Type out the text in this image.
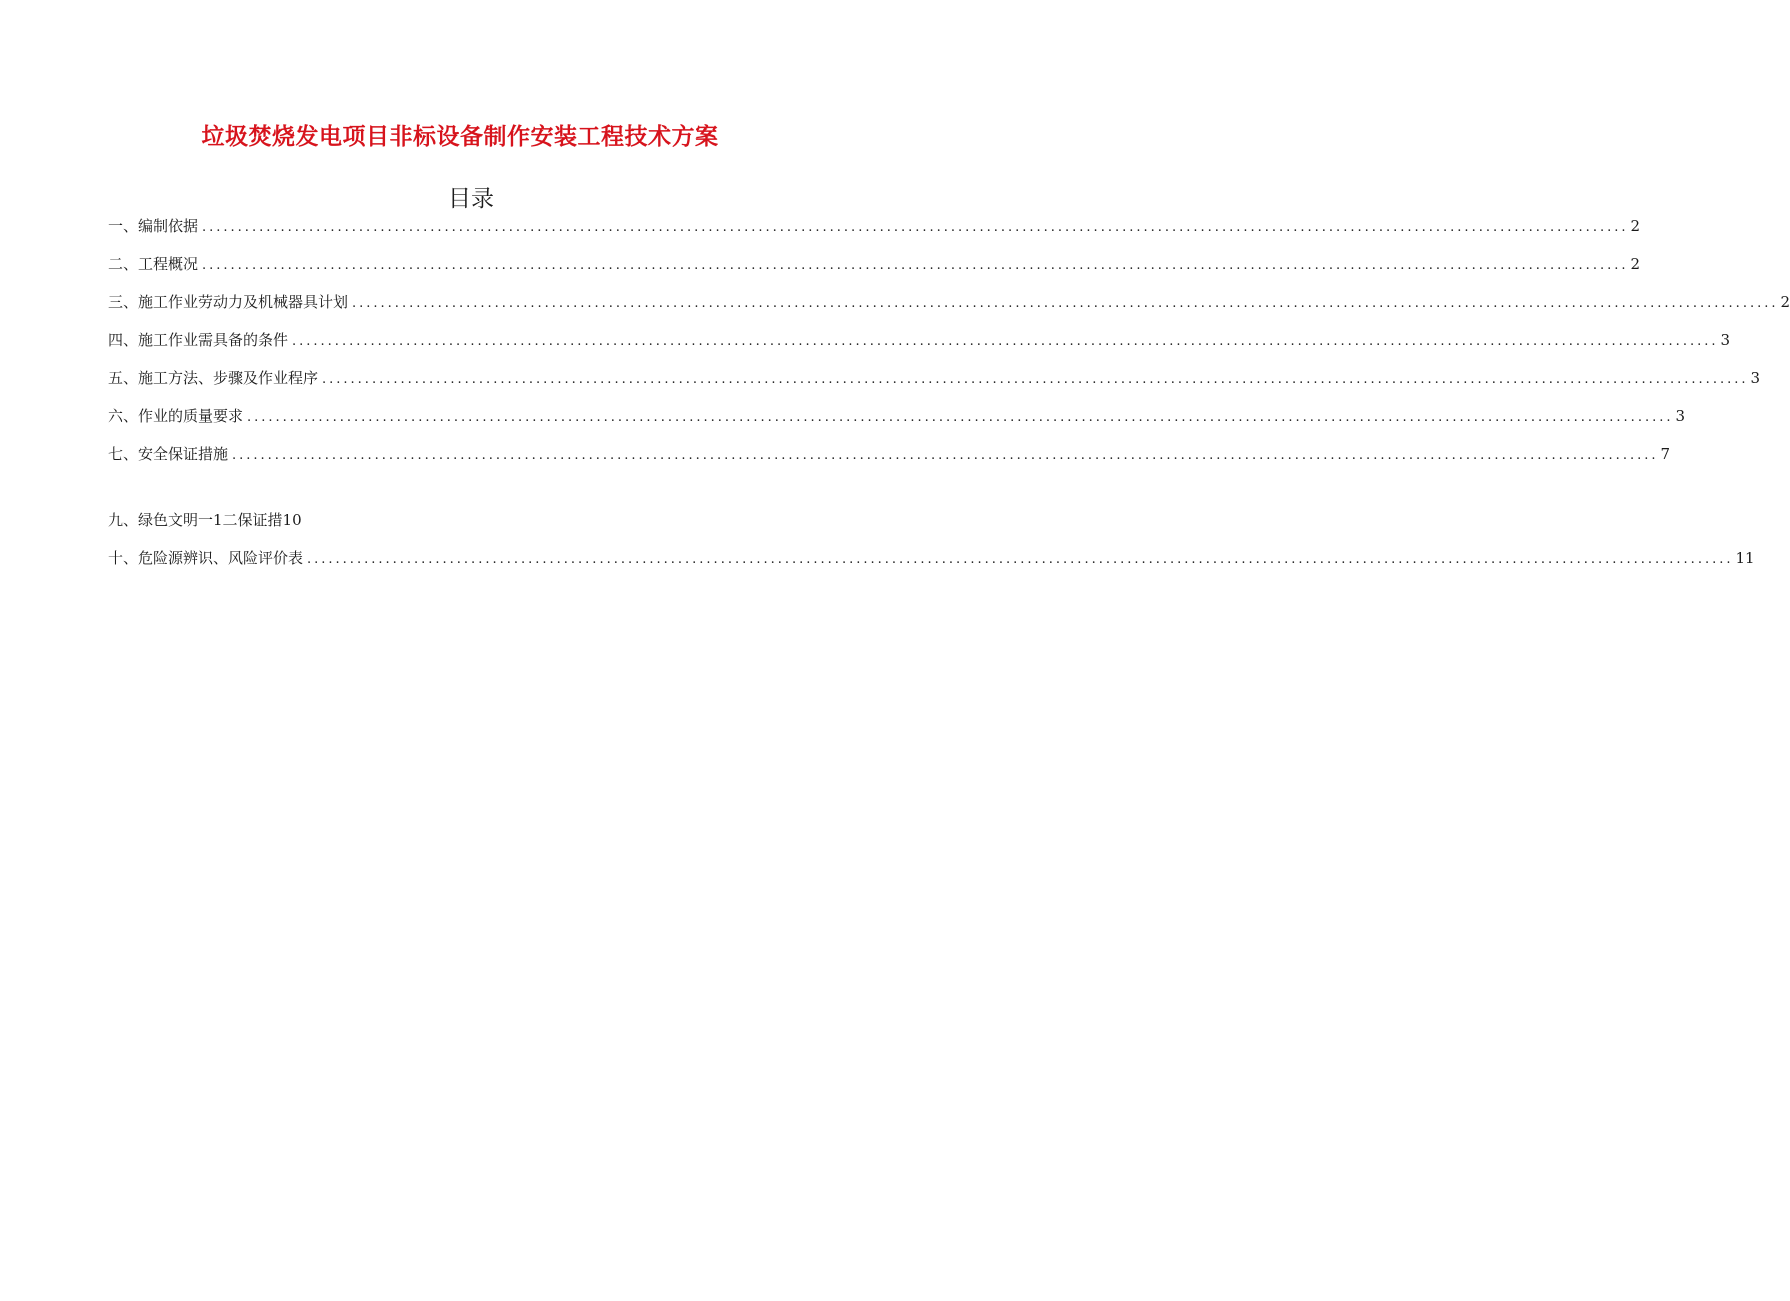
垃圾焚烧发电项目非标设备制作安装工程技术方案
目录
一、编制依据 ........................................................................................................................................................................................................ 2
二、工程概况 ........................................................................................................................................................................................................ 2
三、施工作业劳动力及机械器具计划 ........................................................................................................................................................................................................ 2
四、施工作业需具备的条件 ........................................................................................................................................................................................................ 3
五、施工方法、步骤及作业程序 ........................................................................................................................................................................................................ 3
六、作业的质量要求 ........................................................................................................................................................................................................ 3
七、安全保证措施 ........................................................................................................................................................................................................ 7
九、绿色文明一1二保证措10
十、危险源辨识、风险评价表 ........................................................................................................................................................................................................ 11
